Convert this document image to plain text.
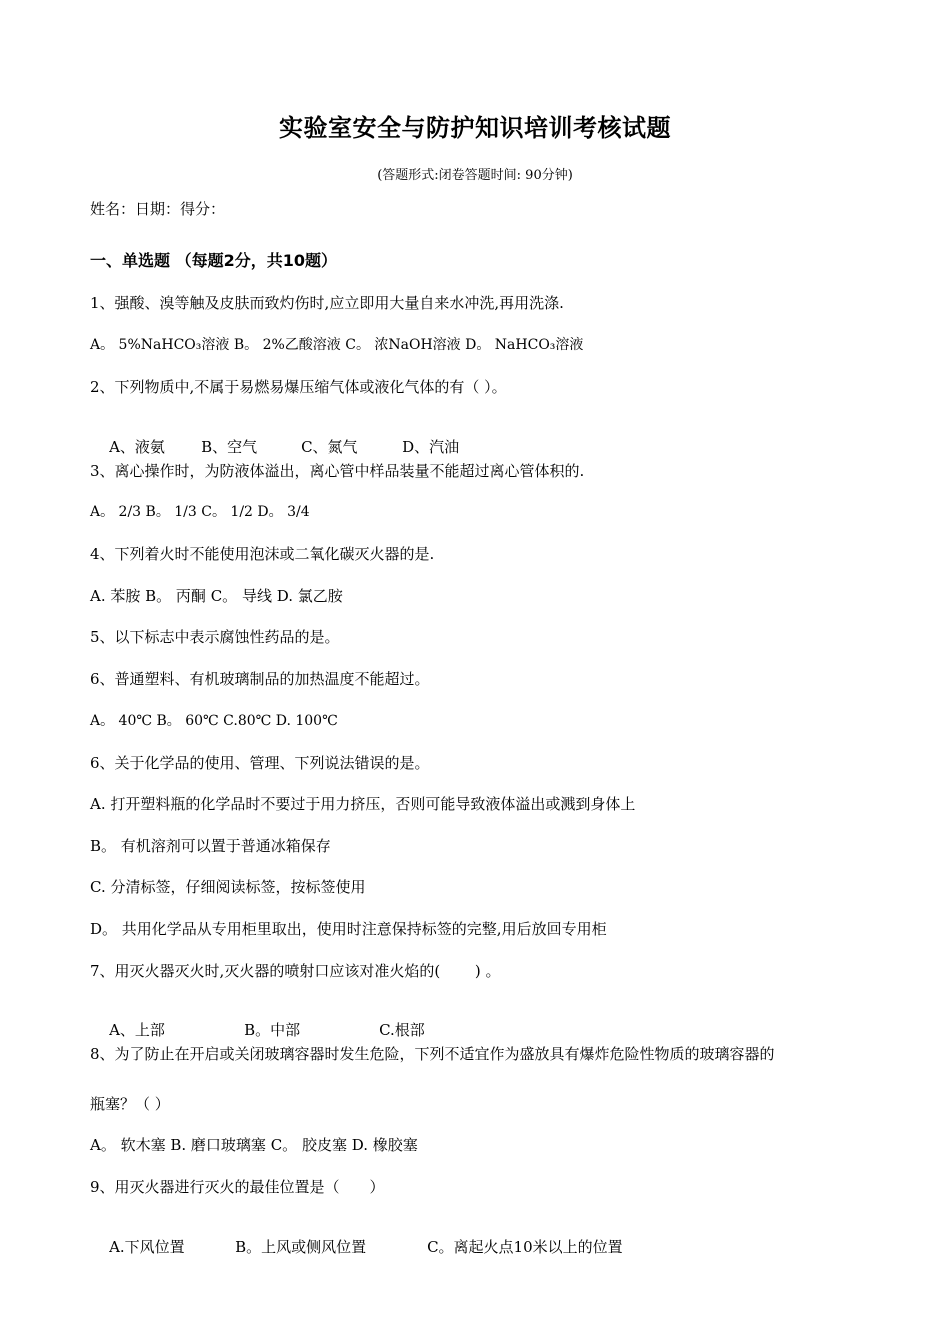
实验室安全与防护知识培训考核试题
(答题形式:闭卷答题时间: 90分钟)
姓名：日期：得分：
一、单选题 （每题2分，共10题）
1、强酸、溴等触及皮肤而致灼伤时,应立即用大量自来水冲洗,再用洗涤.
A。 5%NaHCO₃溶液 B。 2%乙酸溶液 C。 浓NaOH溶液 D。 NaHCO₃溶液
2、下列物质中,不属于易燃易爆压缩气体或液化气体的有（ ）。

A、液氨 B、空气	C、氮气	D、汽油

3、离心操作时，为防液体溢出，离心管中样品装量不能超过离心管体积的.
A。 2/3 B。 1/3 C。 1/2 D。 3/4
4、下列着火时不能使用泡沫或二氧化碳灭火器的是.
A. 苯胺 B。 丙酮 C。 导线 D. 氯乙胺
5、以下标志中表示腐蚀性药品的是。
6、普通塑料、有机玻璃制品的加热温度不能超过。
A。 40℃ B。 60℃ C.80℃ D. 100℃
6、关于化学品的使用、管理、下列说法错误的是。
A. 打开塑料瓶的化学品时不要过于用力挤压，否则可能导致液体溢出或溅到身体上
B。 有机溶剂可以置于普通冰箱保存
C. 分清标签，仔细阅读标签，按标签使用
D。 共用化学品从专用柜里取出，使用时注意保持标签的完整,用后放回专用柜
7、用灭火器灭火时,灭火器的喷射口应该对准火焰的(　　 ) 。

A、上部	B。中部	C.根部

8、为了防止在开启或关闭玻璃容器时发生危险，下列不适宜作为盛放具有爆炸危险性物质的玻璃容器的
瓶塞？（ ）
A。 软木塞 B. 磨口玻璃塞 C。 胶皮塞 D. 橡胶塞
9、用灭火器进行灭火的最佳位置是（　　）

A.下风位置	B。上风或侧风位置	C。离起火点10米以上的位置
